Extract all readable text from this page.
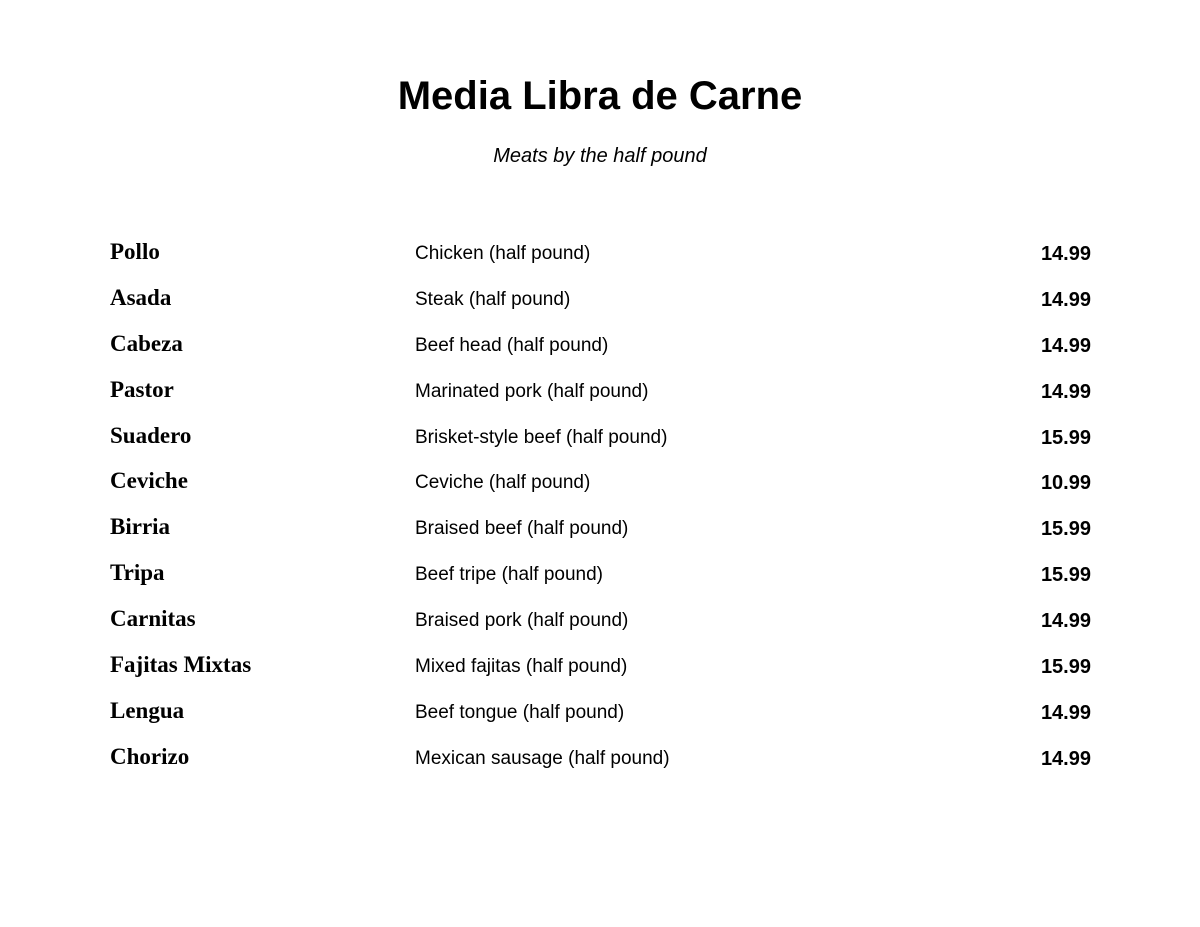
Media Libra de Carne

Meats by the half pound

Pollo	Chicken (half pound)	14.99
Asada	Steak (half pound)	14.99
Cabeza	Beef head (half pound)	14.99
Pastor	Marinated pork (half pound)	14.99
Suadero	Brisket-style beef (half pound)	15.99
Ceviche	Ceviche (half pound)	10.99
Birria	Braised beef (half pound)	15.99
Tripa	Beef tripe (half pound)	15.99
Carnitas	Braised pork (half pound)	14.99
Fajitas Mixtas	Mixed fajitas (half pound)	15.99
Lengua	Beef tongue (half pound)	14.99
Chorizo	Mexican sausage (half pound)	14.99
